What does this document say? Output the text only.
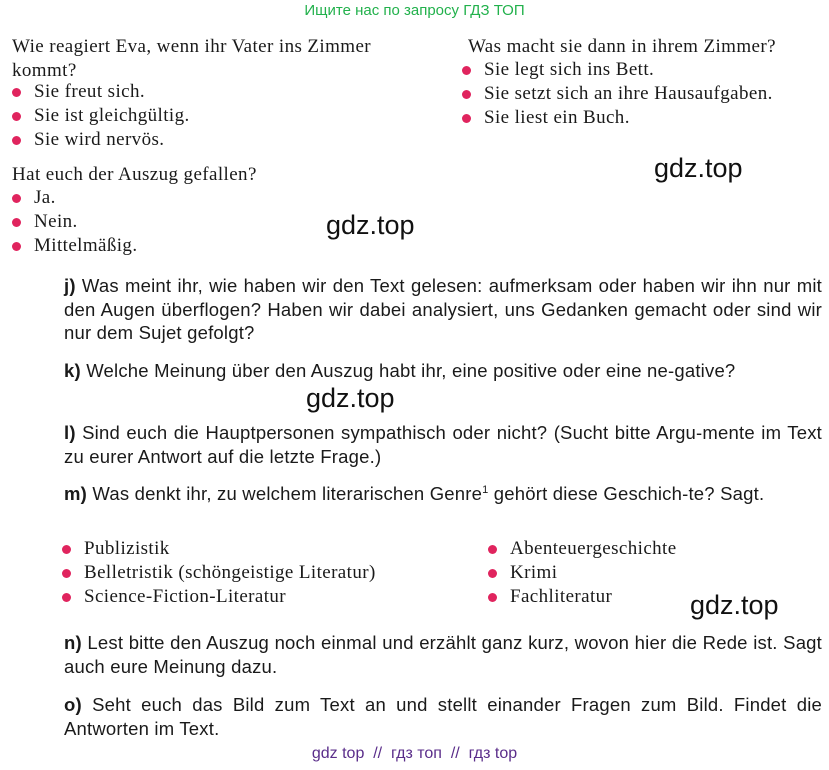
Ищите нас по запросу ГДЗ ТОП
Wie reagiert Eva, wenn ihr Vater ins Zimmer
kommt?
Sie freut sich.
Sie ist gleichgültig.
Sie wird nervös.
Was macht sie dann in ihrem Zimmer?
Sie legt sich ins Bett.
Sie setzt sich an ihre Hausaufgaben.
Sie liest ein Buch.
Hat euch der Auszug gefallen?
Ja.
Nein.
Mittelmäßig.
gdz.top
gdz.top
gdz.top
gdz.top
j) Was meint ihr, wie haben wir den Text gelesen: aufmerksam oder haben wir ihn nur mit den Augen überflogen? Haben wir dabei analysiert, uns Gedanken gemacht oder sind wir nur dem Sujet gefolgt?
k) Welche Meinung über den Auszug habt ihr, eine positive oder eine ne-gative?
l) Sind euch die Hauptpersonen sympathisch oder nicht? (Sucht bitte Argu-mente im Text zu eurer Antwort auf die letzte Frage.)
m) Was denkt ihr, zu welchem literarischen Genre$^1$ gehört diese Geschich-te? Sagt.
Publizistik
Belletristik (schöngeistige Literatur)
Science-Fiction-Literatur
Abenteuergeschichte
Krimi
Fachliteratur
n) Lest bitte den Auszug noch einmal und erzählt ganz kurz, wovon hier die Rede ist. Sagt auch eure Meinung dazu.
o) Seht euch das Bild zum Text an und stellt einander Fragen zum Bild. Findet die Antworten im Text.
gdz top // гдз топ // гдз top
